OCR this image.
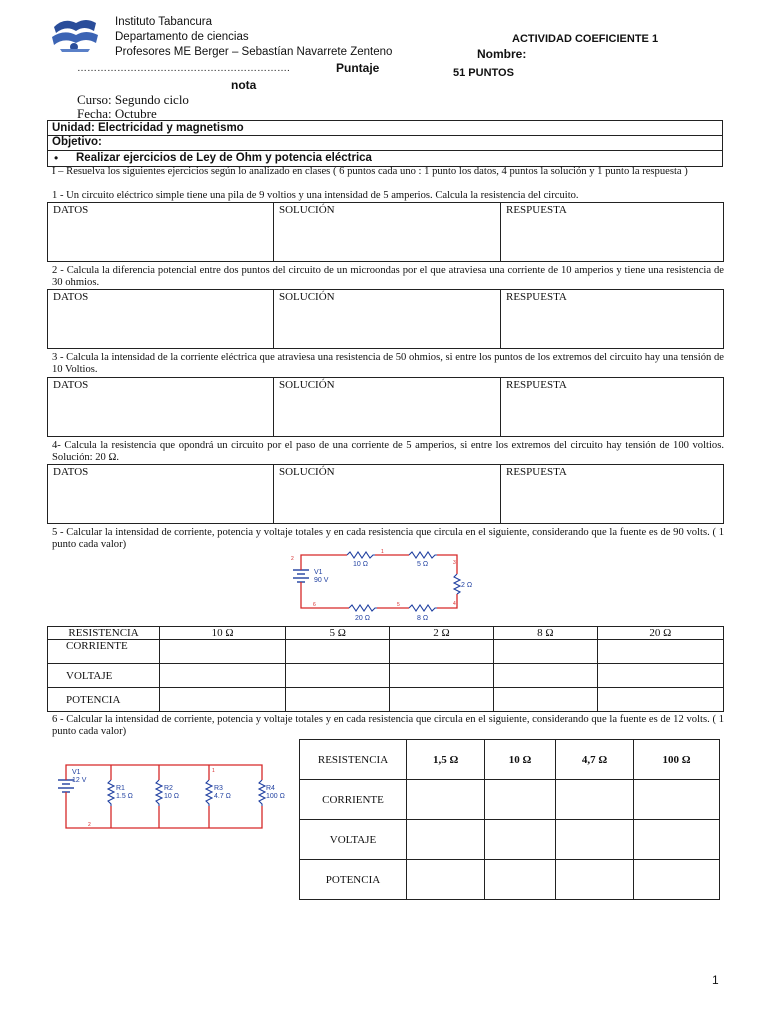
Instituto Tabancura
Departamento de ciencias
Profesores ME Berger – Sebastían Navarrete Zenteno
ACTIVIDAD COEFICIENTE 1
Nombre:
……………………………………………………….	Puntaje	51 PUNTOS
nota
Curso: Segundo ciclo
Fecha: Octubre
Unidad: Electricidad y magnetismo
Objetivo:
• Realizar ejercicios de Ley de Ohm y potencia eléctrica
I – Resuelva los siguientes ejercicios según lo analizado en clases ( 6 puntos cada uno : 1 punto los datos, 4 puntos la solución y 1 punto la respuesta )
1 - Un circuito eléctrico simple tiene una pila de 9 voltios y una intensidad de 5 amperios. Calcula la resistencia del circuito.
DATOS	SOLUCIÓN	RESPUESTA
2 - Calcula la diferencia potencial entre dos puntos del circuito de un microondas por el que atraviesa una corriente de 10 amperios y tiene una resistencia de 30 ohmios.
DATOS	SOLUCIÓN	RESPUESTA
3 - Calcula la intensidad de la corriente eléctrica que atraviesa una resistencia de 50 ohmios, si entre los puntos de los extremos del circuito hay una tensión de 10 Voltios.
DATOS	SOLUCIÓN	RESPUESTA
4- Calcula la resistencia que opondrá un circuito por el paso de una corriente de 5 amperios, si entre los extremos del circuito hay tensión de 100 voltios. Solución: 20 Ω.
DATOS	SOLUCIÓN	RESPUESTA
5 - Calcular la intensidad de corriente, potencia y voltaje totales y en cada resistencia que circula en el siguiente, considerando que la fuente es de 90 volts. ( 1 punto cada valor)
V1
90 V
10 Ω	5 Ω
2 Ω
20 Ω	8 Ω
1
2
3
4
5
6
RESISTENCIA	10 Ω	5 Ω	2 Ω	8 Ω	20 Ω
CORRIENTE					
VOLTAJE					
POTENCIA					
6 - Calcular la intensidad de corriente, potencia y voltaje totales y en cada resistencia que circula en el siguiente, considerando que la fuente es de 12 volts. ( 1 punto cada valor)
V1
12 V
R1
1.5 Ω
R2
10 Ω
R3
4.7 Ω
R4
100 Ω
1
2
RESISTENCIA	1,5 Ω	10 Ω	4,7 Ω	100 Ω
CORRIENTE				
VOLTAJE				
POTENCIA				
1
